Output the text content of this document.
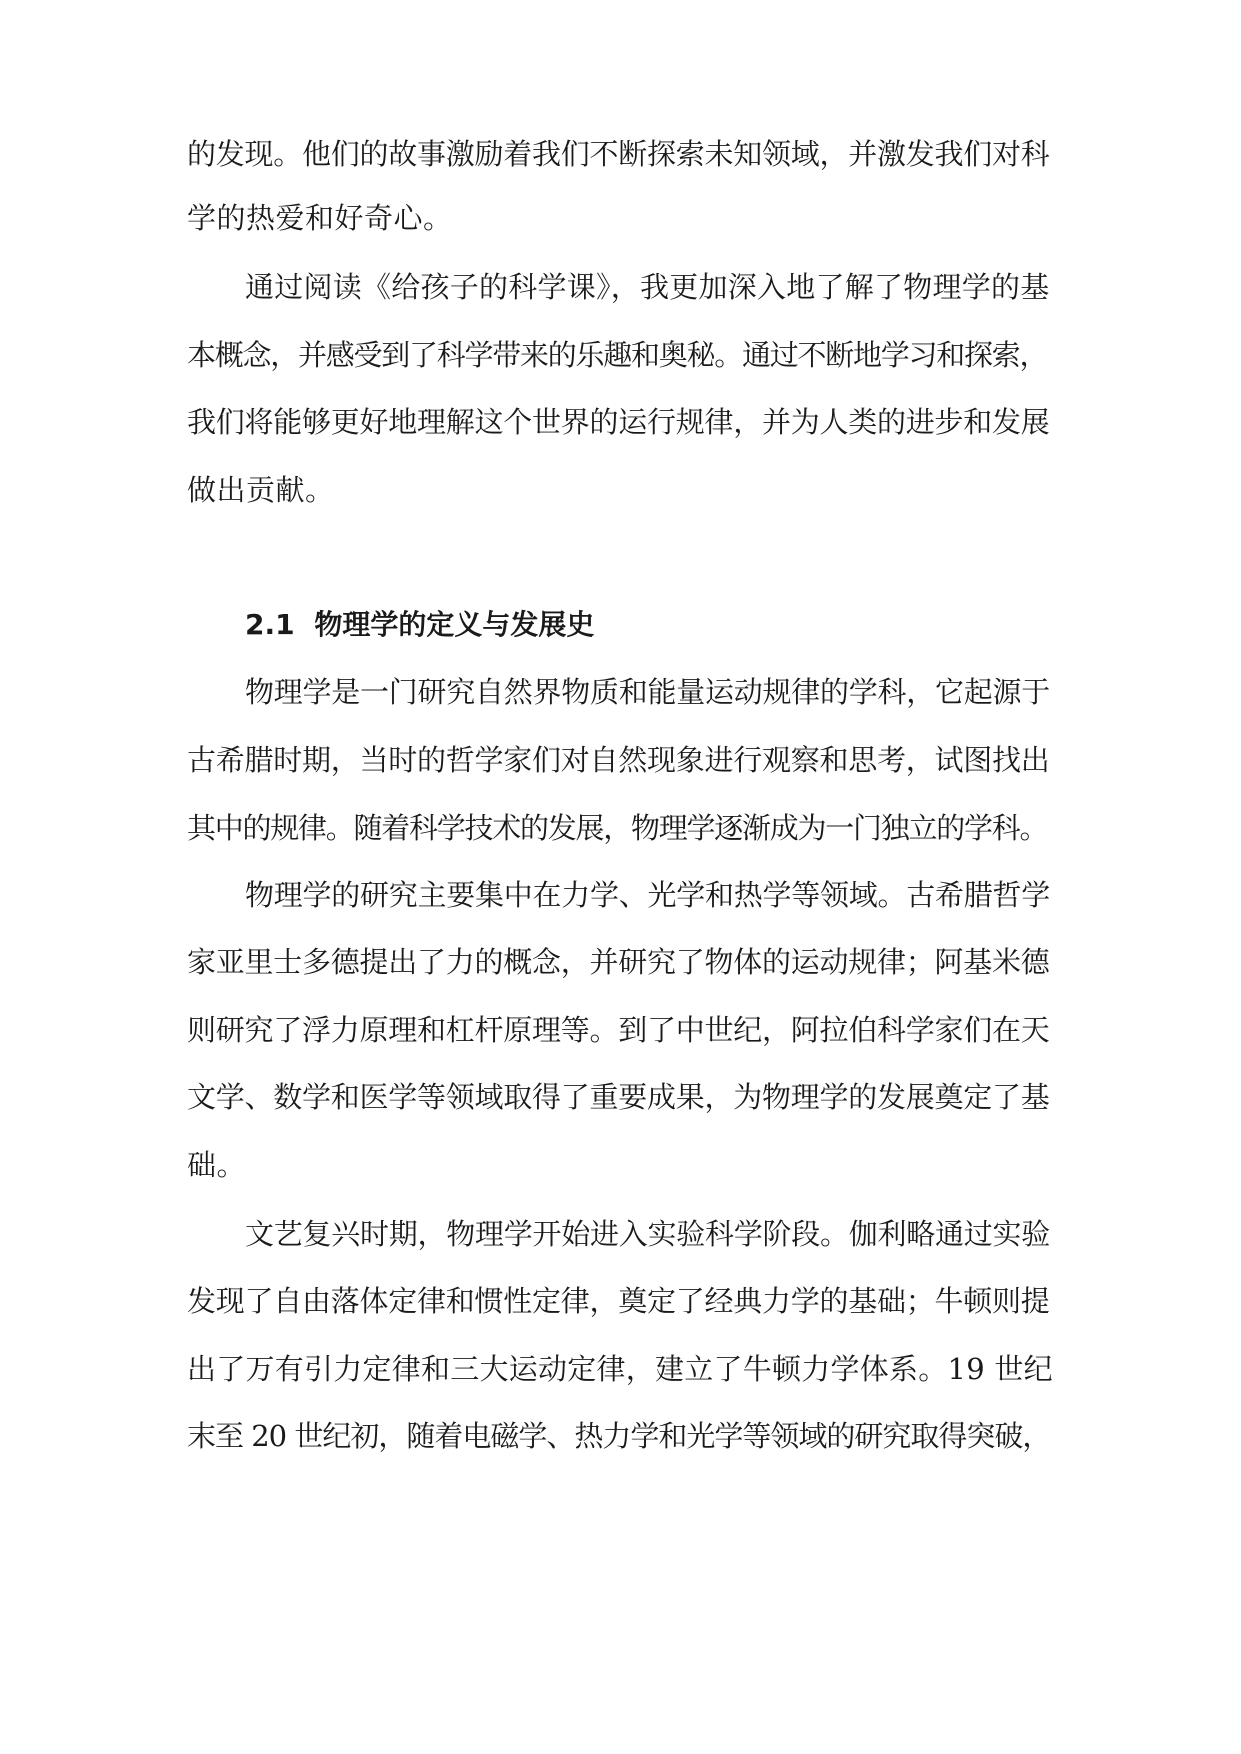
的发现。他们的故事激励着我们不断探索未知领域，并激发我们对科
学的热爱和好奇心。
通过阅读《给孩子的科学课》，我更加深入地了解了物理学的基
本概念，并感受到了科学带来的乐趣和奥秘。通过不断地学习和探索，
我们将能够更好地理解这个世界的运行规律，并为人类的进步和发展
做出贡献。
2.1 物理学的定义与发展史
物理学是一门研究自然界物质和能量运动规律的学科，它起源于
古希腊时期，当时的哲学家们对自然现象进行观察和思考，试图找出
其中的规律。随着科学技术的发展，物理学逐渐成为一门独立的学科。
物理学的研究主要集中在力学、光学和热学等领域。古希腊哲学
家亚里士多德提出了力的概念，并研究了物体的运动规律；阿基米德
则研究了浮力原理和杠杆原理等。到了中世纪，阿拉伯科学家们在天
文学、数学和医学等领域取得了重要成果，为物理学的发展奠定了基
础。
文艺复兴时期，物理学开始进入实验科学阶段。伽利略通过实验
发现了自由落体定律和惯性定律，奠定了经典力学的基础；牛顿则提
出了万有引力定律和三大运动定律，建立了牛顿力学体系。19 世纪
末至 20 世纪初，随着电磁学、热力学和光学等领域的研究取得突破，
